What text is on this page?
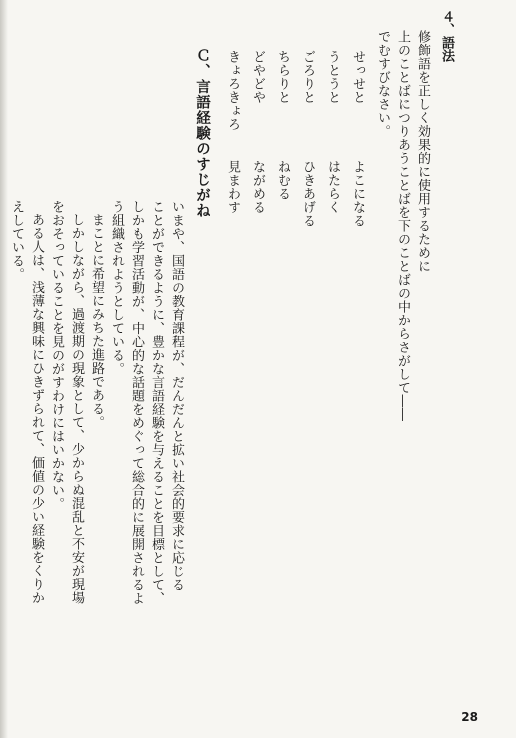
４、語法
修飾語を正しく効果的に使用するために
上のことばにつりあうことばを下のことばの中からさがして――
でむすびなさい。
せっせと
うとうと
ごろりと
ちらりと
どやどや
きょろきょろ
よこになる
はたらく
ひきあげる
ねむる
ながめる
見まわす
Ｃ、言語経験のすじがね
いまや、国語の教育課程が、だんだんと拡い社会的要求に応じる
ことができるように、豊かな言語経験を与えることを目標として、
しかも学習活動が、中心的な話題をめぐって総合的に展開されるよ
う組織されようとしている。
まことに希望にみちた進路である。
しかしながら、過渡期の現象として、少からぬ混乱と不安が現場
をおそっていることを見のがすわけにはいかない。
ある人は、浅薄な興味にひきずられて、価値の少い経験をくりか
えしている。
28
